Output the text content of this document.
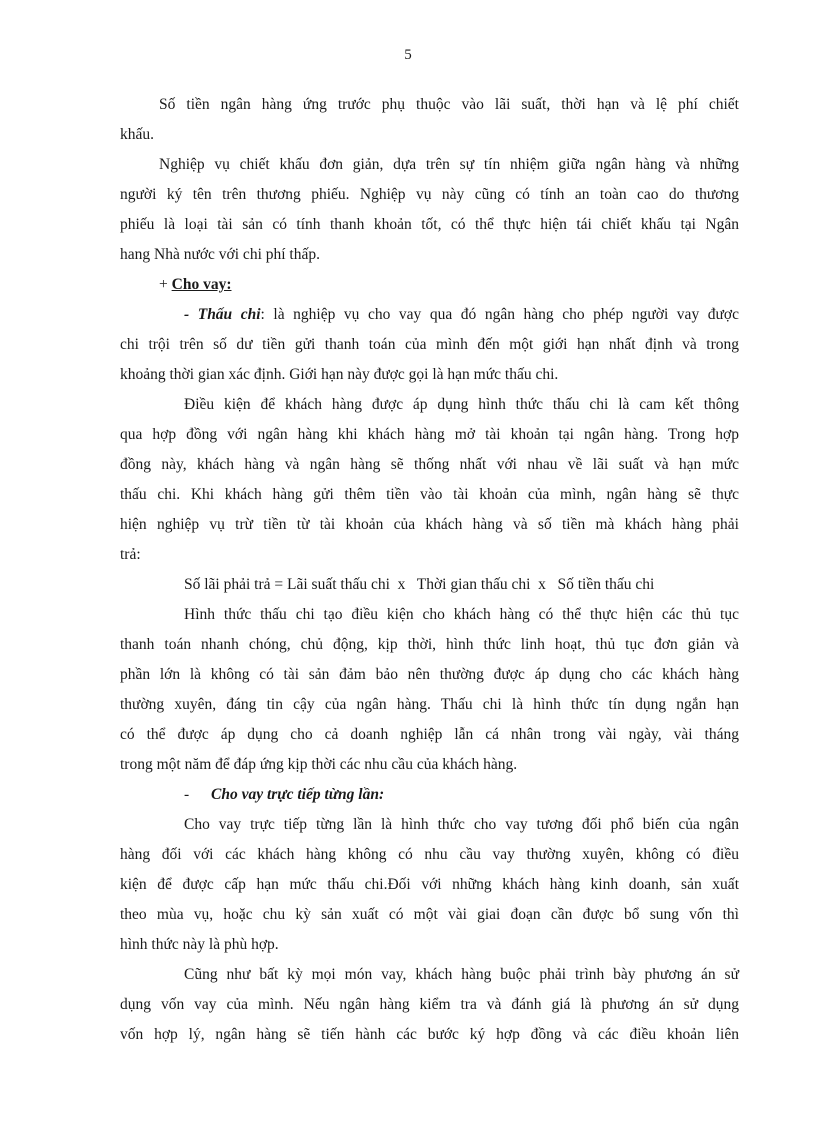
5
Số tiền ngân hàng ứng trước phụ thuộc vào lãi suất, thời hạn và lệ phí chiết
khấu.
Nghiệp vụ chiết khấu đơn giản, dựa trên sự tín nhiệm giữa ngân hàng và những
người ký tên trên thương phiếu. Nghiệp vụ này cũng có tính an toàn cao do thương
phiếu là loại tài sản có tính thanh khoản tốt, có thể thực hiện tái chiết khấu tại Ngân
hang Nhà nước với chi phí thấp.
+ Cho vay:
- Thấu chi: là nghiệp vụ cho vay qua đó ngân hàng cho phép người vay được
chi trội trên số dư tiền gửi thanh toán của mình đến một giới hạn nhất định và trong
khoảng thời gian xác định. Giới hạn này được gọi là hạn mức thấu chi.
Điều kiện để khách hàng được áp dụng hình thức thấu chi là cam kết thông
qua hợp đồng với ngân hàng khi khách hàng mở tài khoản tại ngân hàng. Trong hợp
đồng này, khách hàng và ngân hàng sẽ thống nhất với nhau về lãi suất và hạn mức
thấu chi. Khi khách hàng gửi thêm tiền vào tài khoản của mình, ngân hàng sẽ thực
hiện nghiệp vụ trừ tiền từ tài khoản của khách hàng và số tiền mà khách hàng phải
trả:
Số lãi phải trả = Lãi suất thấu chi  x   Thời gian thấu chi  x   Số tiền thấu chi
Hình thức thấu chi tạo điều kiện cho khách hàng có thể thực hiện các thủ tục
thanh toán nhanh chóng, chủ động, kịp thời, hình thức linh hoạt, thủ tục đơn giản và
phần lớn là không có tài sản đảm bảo nên thường được áp dụng cho các khách hàng
thường xuyên, đáng tin cậy của ngân hàng. Thấu chi là hình thức tín dụng ngắn hạn
có thể được áp dụng cho cả doanh nghiệp lẫn cá nhân trong vài ngày, vài tháng
trong một năm để đáp ứng kịp thời các nhu cầu của khách hàng.
- Cho vay trực tiếp từng lần:
Cho vay trực tiếp từng lần là hình thức cho vay tương đối phổ biến của ngân
hàng đối với các khách hàng không có nhu cầu vay thường xuyên, không có điều
kiện để được cấp hạn mức thấu chi.Đối với những khách hàng kinh doanh, sản xuất
theo mùa vụ, hoặc chu kỳ sản xuất có một vài giai đoạn cần được bổ sung vốn thì
hình thức này là phù hợp.
Cũng như bất kỳ mọi món vay, khách hàng buộc phải trình bày phương án sử
dụng vốn vay của mình. Nếu ngân hàng kiểm tra và đánh giá là phương án sử dụng
vốn hợp lý, ngân hàng sẽ tiến hành các bước ký hợp đồng và các điều khoản liên
